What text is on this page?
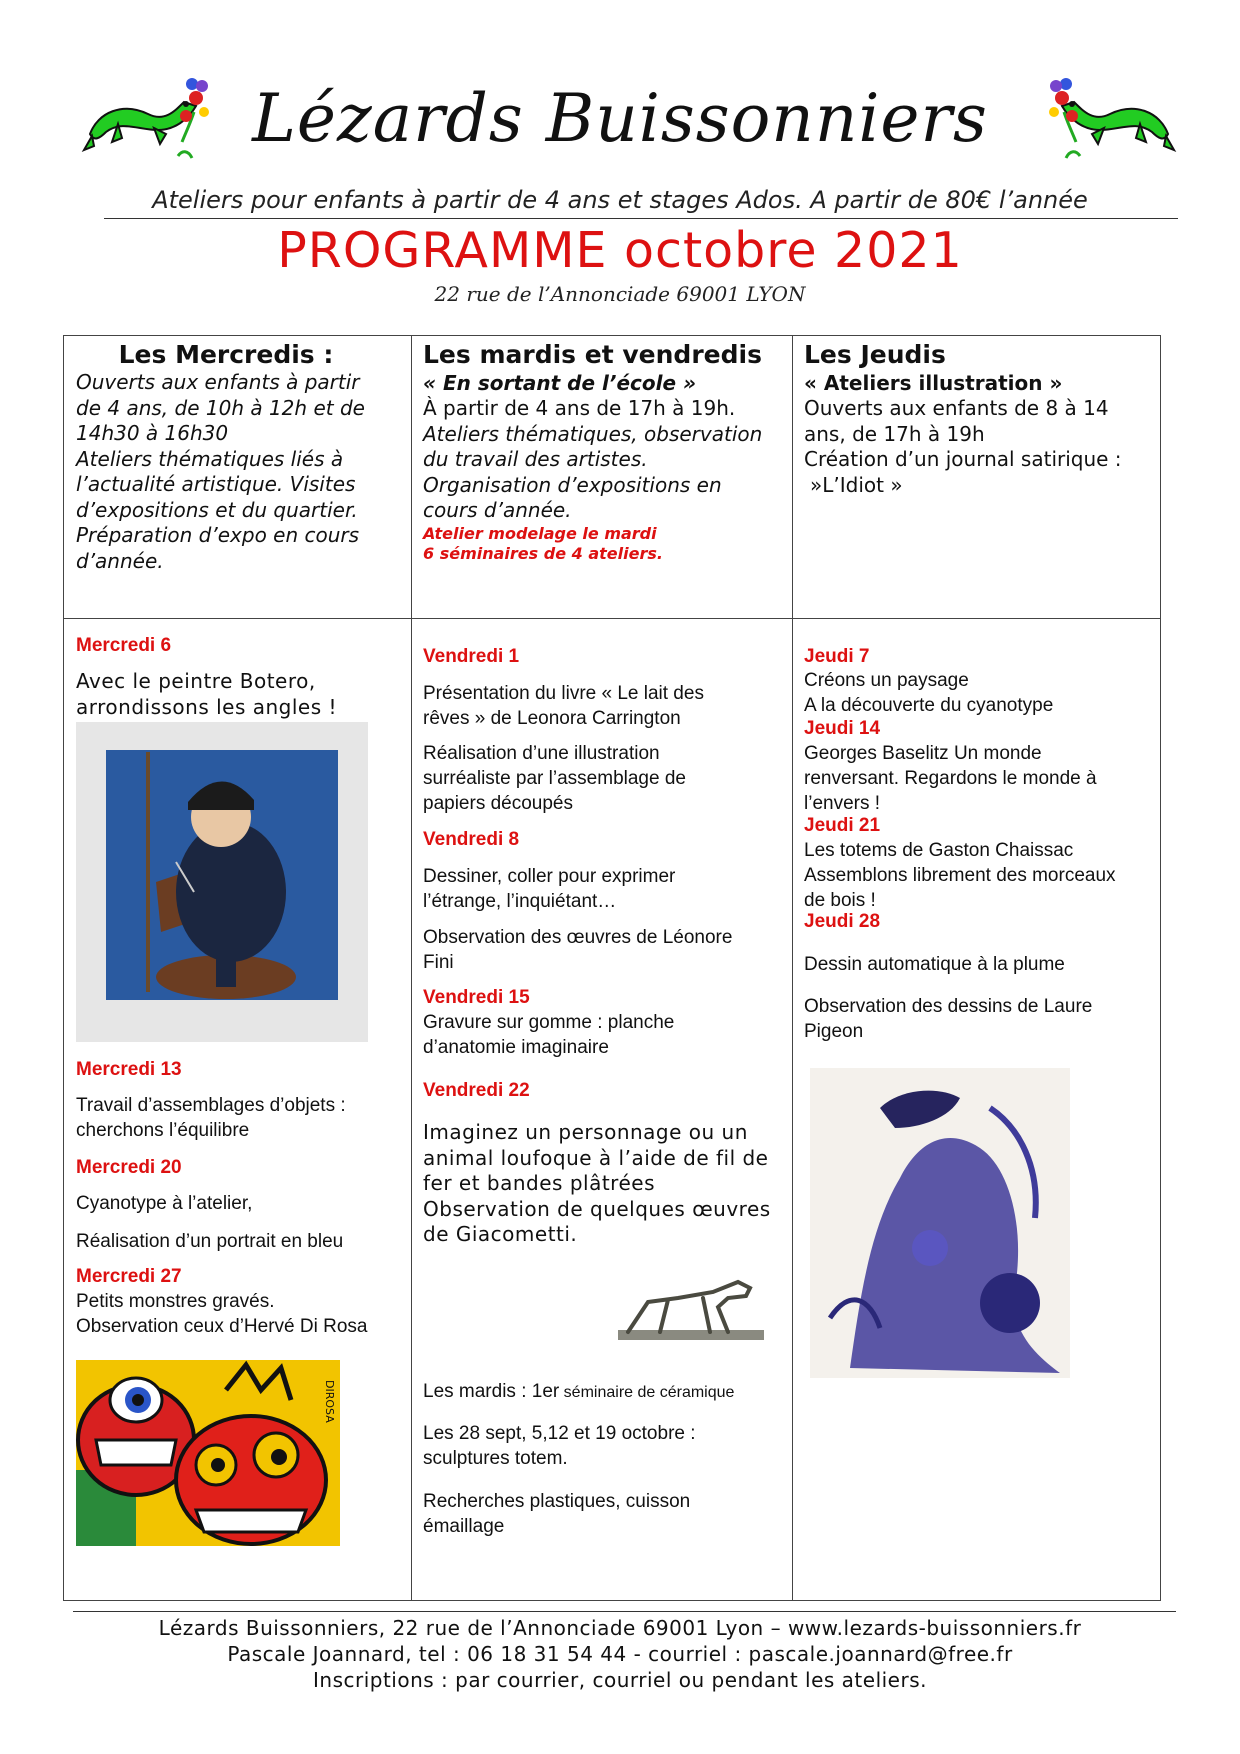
Lézards Buissonniers
Ateliers pour enfants à partir de 4 ans et stages Ados. A partir de 80€ l’année
PROGRAMME octobre 2021
22 rue de l’Annonciade 69001 LYON
Les Mercredis :
Ouverts aux enfants à partir
de 4 ans, de 10h à 12h et de
14h30 à 16h30
Ateliers thématiques liés à
l’actualité artistique. Visites
d’expositions et du quartier.
Préparation d’expo en cours
d’année.
Les mardis et vendredis
« En sortant de l’école »
À partir de 4 ans de 17h à 19h.
Ateliers thématiques, observation
du travail des artistes.
Organisation d’expositions en
cours d’année.
Atelier modelage le mardi
6 séminaires de 4 ateliers.
Les Jeudis
« Ateliers illustration »
Ouverts aux enfants de 8 à 14
ans, de 17h à 19h
Création d’un journal satirique :
»L’Idiot »
Mercredi 6
Avec le peintre Botero,
arrondissons les angles !
Mercredi 13
Travail d’assemblages d’objets :
cherchons l’équilibre
Mercredi 20
Cyanotype à l’atelier,
Réalisation d’un portrait en bleu
Mercredi 27
Petits monstres gravés.
Observation ceux d’Hervé Di Rosa
DIROSA
Vendredi 1
Présentation du livre « Le lait des
rêves » de Leonora Carrington
Réalisation d’une illustration
surréaliste par l’assemblage de
papiers découpés
Vendredi 8
Dessiner, coller pour exprimer
l’étrange, l’inquiétant…
Observation des œuvres de Léonore
Fini
Vendredi 15
Gravure sur gomme : planche
d’anatomie imaginaire
Vendredi 22
Imaginez un personnage ou un
animal loufoque à l’aide de fil de
fer et bandes plâtrées
Observation de quelques œuvres
de Giacometti.
Les mardis : 1er séminaire de céramique
Les 28 sept, 5,12 et 19 octobre :
sculptures totem.
Recherches plastiques, cuisson
émaillage
Jeudi 7
Créons un paysage
A la découverte du cyanotype
Jeudi 14
Georges Baselitz Un monde
renversant. Regardons le monde à
l’envers !
Jeudi 21
Les totems de Gaston Chaissac
Assemblons librement des morceaux
de bois !
Jeudi 28
Dessin automatique à la plume
Observation des dessins de Laure
Pigeon
Lézards Buissonniers, 22 rue de l’Annonciade 69001 Lyon – www.lezards-buissonniers.fr
Pascale Joannard, tel : 06 18 31 54 44 - courriel : pascale.joannard@free.fr
Inscriptions : par courrier, courriel ou pendant les ateliers.
